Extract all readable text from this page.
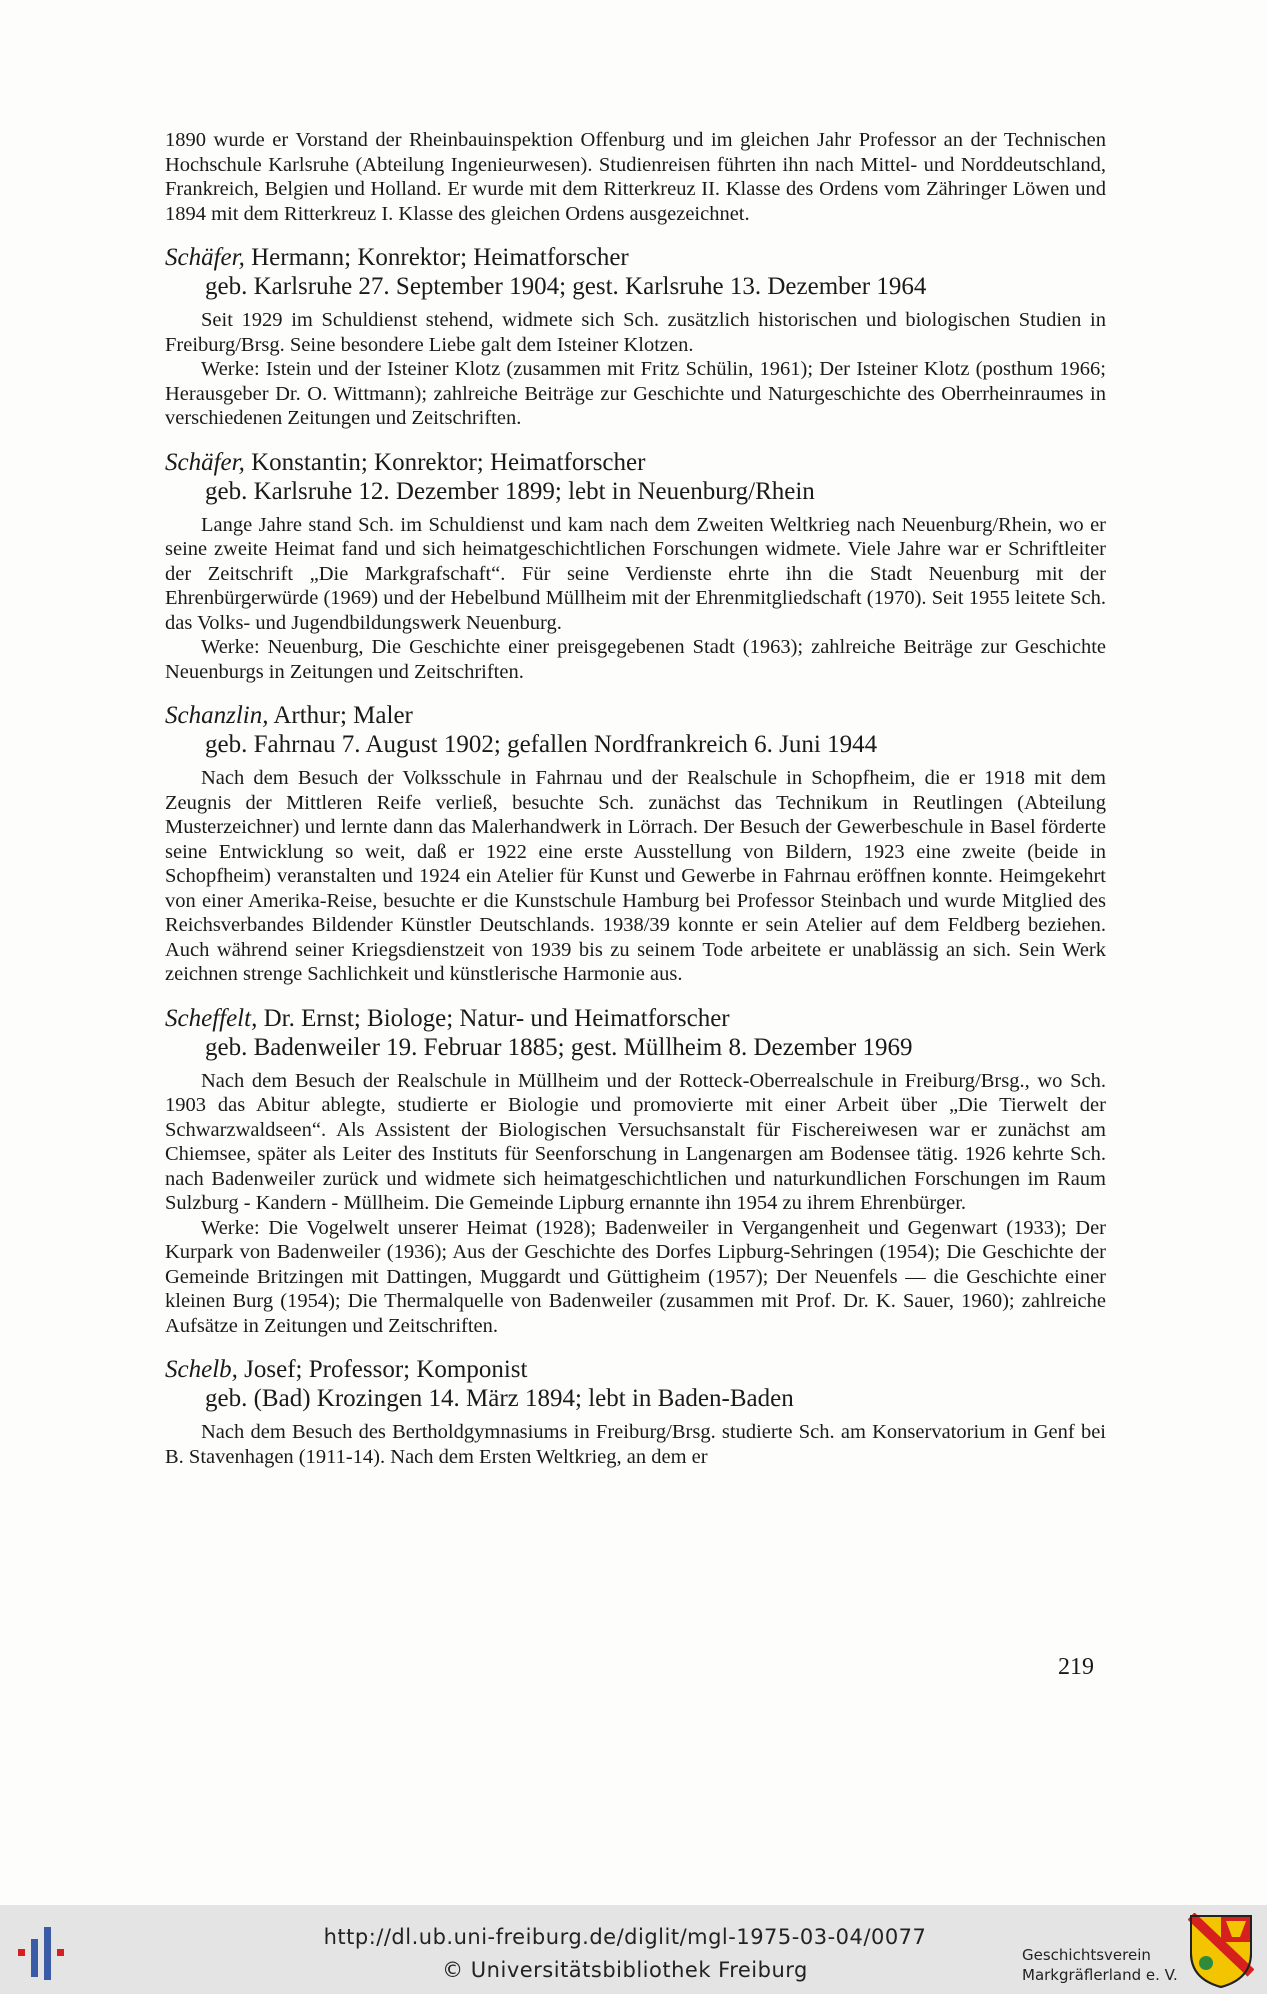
1890 wurde er Vorstand der Rheinbauinspektion Offenburg und im gleichen Jahr Professor an der Technischen Hochschule Karlsruhe (Abteilung Ingenieurwesen). Studienreisen führten ihn nach Mittel- und Norddeutschland, Frankreich, Belgien und Holland. Er wurde mit dem Ritterkreuz II. Klasse des Ordens vom Zähringer Löwen und 1894 mit dem Ritterkreuz I. Klasse des gleichen Ordens ausgezeichnet.

Schäfer, Hermann; Konrektor; Heimatforscher

geb. Karlsruhe 27. September 1904; gest. Karlsruhe 13. Dezember 1964

Seit 1929 im Schuldienst stehend, widmete sich Sch. zusätzlich historischen und biologischen Studien in Freiburg/Brsg. Seine besondere Liebe galt dem Isteiner Klotzen.

Werke: Istein und der Isteiner Klotz (zusammen mit Fritz Schülin, 1961); Der Isteiner Klotz (posthum 1966; Herausgeber Dr. O. Wittmann); zahlreiche Beiträge zur Geschichte und Naturgeschichte des Oberrheinraumes in verschiedenen Zeitungen und Zeitschriften.

Schäfer, Konstantin; Konrektor; Heimatforscher

geb. Karlsruhe 12. Dezember 1899; lebt in Neuenburg/Rhein

Lange Jahre stand Sch. im Schuldienst und kam nach dem Zweiten Weltkrieg nach Neuenburg/Rhein, wo er seine zweite Heimat fand und sich heimatgeschichtlichen Forschungen widmete. Viele Jahre war er Schriftleiter der Zeitschrift „Die Markgrafschaft“. Für seine Verdienste ehrte ihn die Stadt Neuenburg mit der Ehrenbürgerwürde (1969) und der Hebelbund Müllheim mit der Ehrenmitgliedschaft (1970). Seit 1955 leitete Sch. das Volks- und Jugendbildungswerk Neuenburg.

Werke: Neuenburg, Die Geschichte einer preisgegebenen Stadt (1963); zahlreiche Beiträge zur Geschichte Neuenburgs in Zeitungen und Zeitschriften.

Schanzlin, Arthur; Maler

geb. Fahrnau 7. August 1902; gefallen Nordfrankreich 6. Juni 1944

Nach dem Besuch der Volksschule in Fahrnau und der Realschule in Schopfheim, die er 1918 mit dem Zeugnis der Mittleren Reife verließ, besuchte Sch. zunächst das Technikum in Reutlingen (Abteilung Musterzeichner) und lernte dann das Malerhandwerk in Lörrach. Der Besuch der Gewerbeschule in Basel förderte seine Entwicklung so weit, daß er 1922 eine erste Ausstellung von Bildern, 1923 eine zweite (beide in Schopfheim) veranstalten und 1924 ein Atelier für Kunst und Gewerbe in Fahrnau eröffnen konnte. Heimgekehrt von einer Amerika-Reise, besuchte er die Kunstschule Hamburg bei Professor Steinbach und wurde Mitglied des Reichsverbandes Bildender Künstler Deutschlands. 1938/39 konnte er sein Atelier auf dem Feldberg beziehen. Auch während seiner Kriegsdienstzeit von 1939 bis zu seinem Tode arbeitete er unablässig an sich. Sein Werk zeichnen strenge Sachlichkeit und künstlerische Harmonie aus.

Scheffelt, Dr. Ernst; Biologe; Natur- und Heimatforscher

geb. Badenweiler 19. Februar 1885; gest. Müllheim 8. Dezember 1969

Nach dem Besuch der Realschule in Müllheim und der Rotteck-Oberrealschule in Freiburg/Brsg., wo Sch. 1903 das Abitur ablegte, studierte er Biologie und promovierte mit einer Arbeit über „Die Tierwelt der Schwarzwaldseen“. Als Assistent der Biologischen Versuchsanstalt für Fischereiwesen war er zunächst am Chiemsee, später als Leiter des Instituts für Seenforschung in Langenargen am Bodensee tätig. 1926 kehrte Sch. nach Badenweiler zurück und widmete sich heimatgeschichtlichen und naturkundlichen Forschungen im Raum Sulzburg - Kandern - Müllheim. Die Gemeinde Lipburg ernannte ihn 1954 zu ihrem Ehrenbürger.

Werke: Die Vogelwelt unserer Heimat (1928); Badenweiler in Vergangenheit und Gegenwart (1933); Der Kurpark von Badenweiler (1936); Aus der Geschichte des Dorfes Lipburg-Sehringen (1954); Die Geschichte der Gemeinde Britzingen mit Dattingen, Muggardt und Güttigheim (1957); Der Neuenfels — die Geschichte einer kleinen Burg (1954); Die Thermalquelle von Badenweiler (zusammen mit Prof. Dr. K. Sauer, 1960); zahlreiche Aufsätze in Zeitungen und Zeitschriften.

Schelb, Josef; Professor; Komponist

geb. (Bad) Krozingen 14. März 1894; lebt in Baden-Baden

Nach dem Besuch des Bertholdgymnasiums in Freiburg/Brsg. studierte Sch. am Konservatorium in Genf bei B. Stavenhagen (1911-14). Nach dem Ersten Weltkrieg, an dem er

219
http://dl.ub.uni-freiburg.de/diglit/mgl-1975-03-04/0077
© Universitätsbibliothek Freiburg
Geschichtsverein
Markgräflerland e. V.
